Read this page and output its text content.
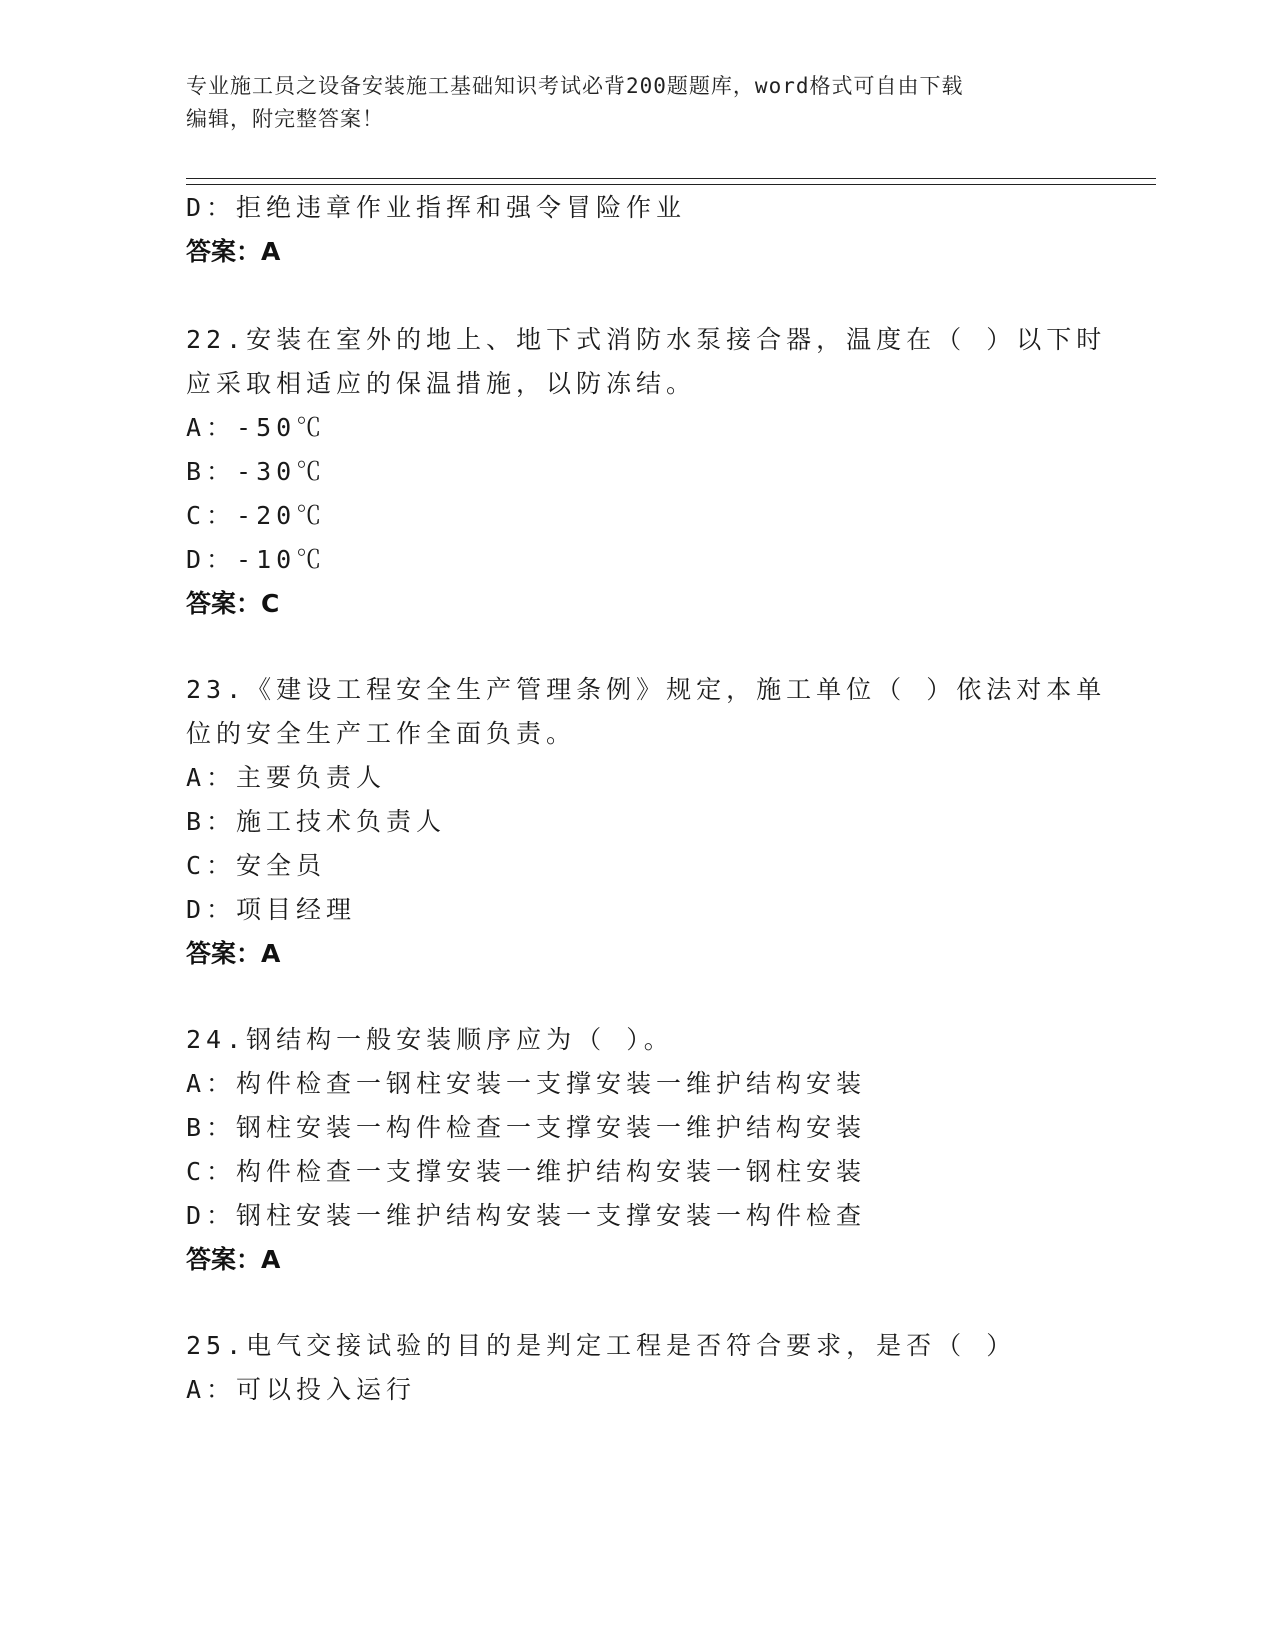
专业施工员之设备安装施工基础知识考试必背200题题库，word格式可自由下载
编辑，附完整答案！
D：拒绝违章作业指挥和强令冒险作业
答案：A
22.安装在室外的地上、地下式消防水泵接合器，温度在（ ）以下时
应采取相适应的保温措施，以防冻结。
A：-50℃
B：-30℃
C：-20℃
D：-10℃
答案：C
23.《建设工程安全生产管理条例》规定，施工单位（ ）依法对本单
位的安全生产工作全面负责。
A：主要负责人
B：施工技术负责人
C：安全员
D：项目经理
答案：A
24.钢结构一般安装顺序应为（ ）。
A：构件检查一钢柱安装一支撑安装一维护结构安装
B：钢柱安装一构件检查一支撑安装一维护结构安装
C：构件检查一支撑安装一维护结构安装一钢柱安装
D：钢柱安装一维护结构安装一支撑安装一构件检查
答案：A
25.电气交接试验的目的是判定工程是否符合要求，是否（ ）
A：可以投入运行
